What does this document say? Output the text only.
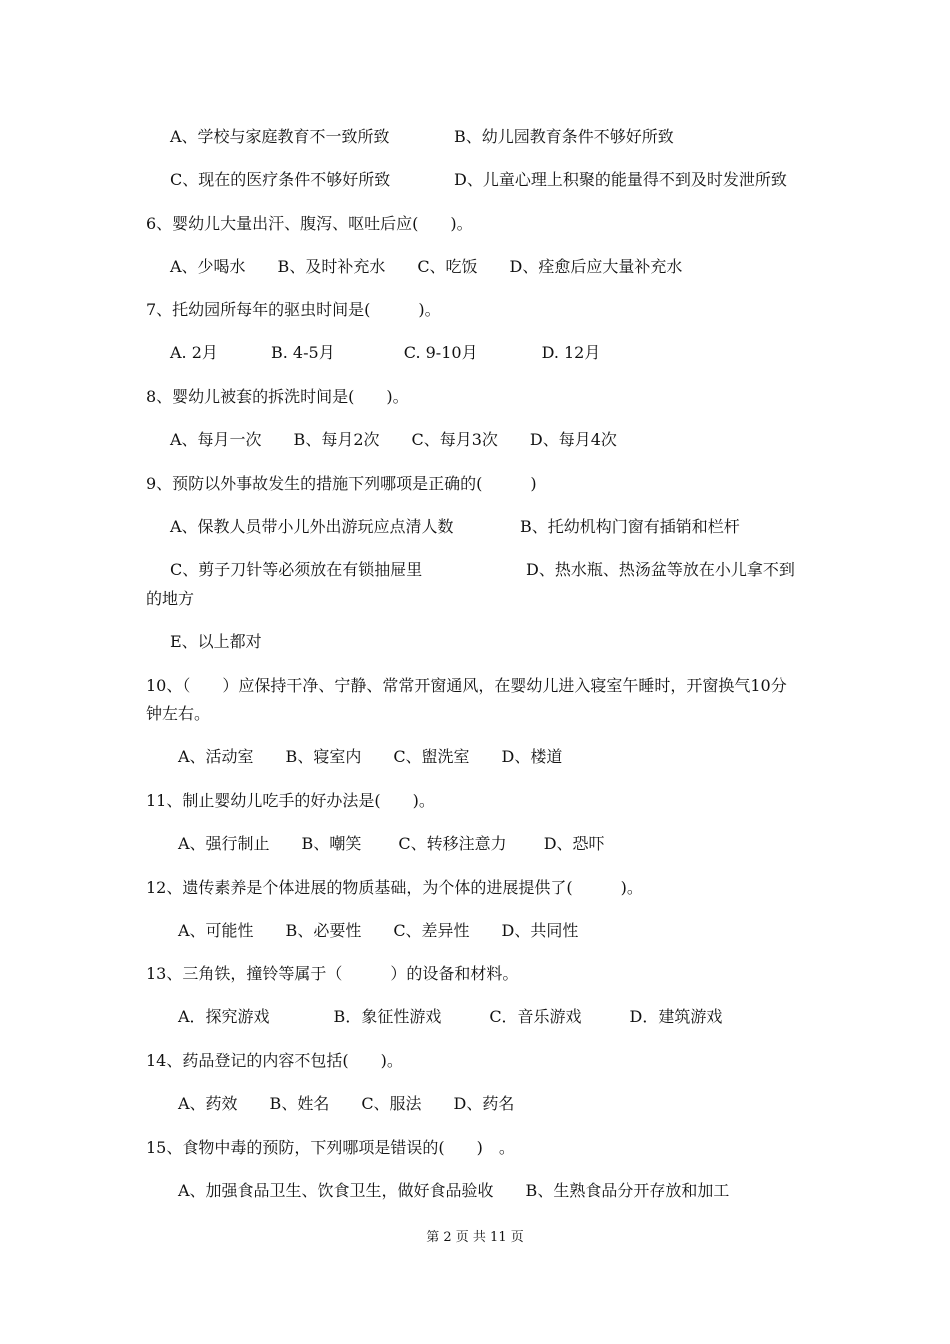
A、学校与家庭教育不一致所致	B、幼儿园教育条件不够好所致
C、现在的医疗条件不够好所致	D、儿童心理上积聚的能量得不到及时发泄所致
6、婴幼儿大量出汗、腹泻、呕吐后应(　　)。
A、少喝水　　B、及时补充水　　C、吃饭　　D、痊愈后应大量补充水
7、托幼园所每年的驱虫时间是(　　　)。
A. 2月　　　 B. 4-5月　　　　 C. 9-10月　　　　D. 12月
8、婴幼儿被套的拆洗时间是(　　)。
A、每月一次　　B、每月2次　　C、每月3次　　D、每月4次
9、预防以外事故发生的措施下列哪项是正确的(　　　)
A、保教人员带小儿外出游玩应点清人数	B、托幼机构门窗有插销和栏杆
C、剪子刀针等必须放在有锁抽屉里	D、热水瓶、热汤盆等放在小儿拿不到
的地方
E、以上都对
10、（　　）应保持干净、宁静、常常开窗通风，在婴幼儿进入寝室午睡时，开窗换气10分
钟左右。
A、活动室　　B、寝室内　　C、盥洗室　　D、楼道
11、制止婴幼儿吃手的好办法是(　　)。
A、强行制止　　B、嘲笑　　 C、转移注意力　　 D、恐吓
12、遗传素养是个体进展的物质基础，为个体的进展提供了(　　　)。
A、可能性　　B、必要性　　C、差异性　　D、共同性
13、三角铁，撞铃等属于（　　　）的设备和材料。
A．探究游戏　　　　B．象征性游戏　　　C．音乐游戏　　　D．建筑游戏
14、药品登记的内容不包括(　　)。
A、药效　　B、姓名　　C、服法　　D、药名
15、食物中毒的预防，下列哪项是错误的(　　)　。
A、加强食品卫生、饮食卫生，做好食品验收　　B、生熟食品分开存放和加工
第 2 页 共 11 页
